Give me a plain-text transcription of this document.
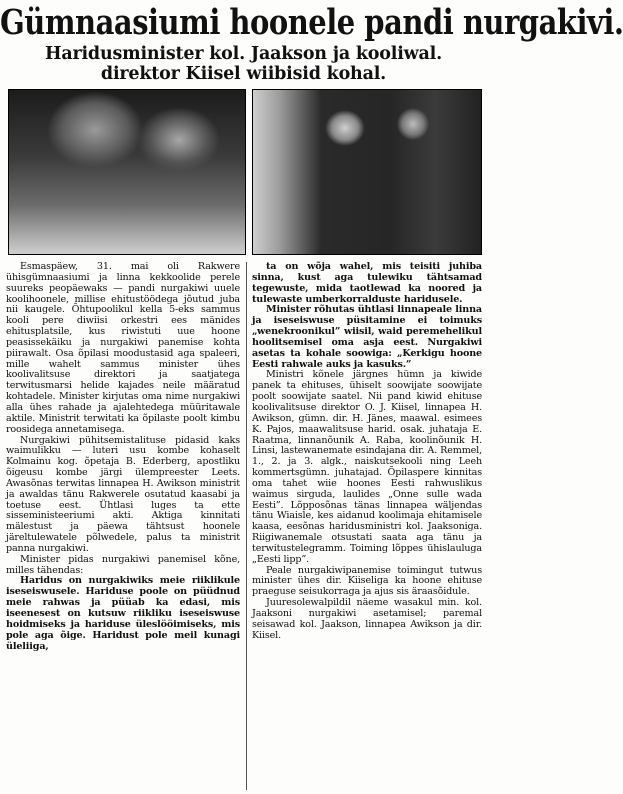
Gümnaasiumi hoonele pandi nurgakivi.
Haridusminister kol. Jaakson ja kooliwal. direktor Kiisel wiibisid kohal.

Esmaspäew, 31. mai oli Rakwere ühisgümnaasiumi ja linna kekkoolide perele suureks peopäewaks — pandi nurgakiwi uuele koolihoonele, millise ehitustöödega jõutud juba nii kaugele. Õhtupoolikul kella 5-eks sammus kooli pere diwiisi orkestri ees mänides ehitusplatsile, kus riwistuti uue hoone peasissekäiku ja nurgakiwi panemise kohta piirawalt. Osa õpilasi moodustasid aga spaleeri, mille wahelt sammus minister ühes koolivalitsuse direktori ja saatjatega terwitusmarsi helide kajades neile määratud kohtadele. Minister kirjutas oma nime nurgakiwi alla ühes rahade ja ajalehtedega müüritawale aktile. Ministrit terwitati ka õpilaste poolt kimbu roosidega annetamisega.

Nurgakiwi pühitsemistalituse pidasid kaks waimulikku — luteri usu kombe kohaselt Kolmainu kog. õpetaja B. Ederberg, apostliku õigeusu kombe järgi ülempreester Leets. Awasõnas terwitas linnapea H. Awikson ministrit ja awaldas tänu Rakwerele osutatud kaasabi ja toetuse eest. Ühtlasi luges ta ette sisseministeeriumi akti. Aktiga kinnitati mälestust ja päewa tähtsust hoonele järeltulewatele põlwedele, palus ta ministrit panna nurgakiwi.

Minister pidas nurgakiwi panemisel kõne, milles tähendas:

Haridus on nurgakiwiks meie riiklikule iseseiswusele. Hariduse poole on püüdnud meie rahwas ja püüab ka edasi, mis iseenesest on kutsuw riikliku iseseiswuse hoidmiseks ja hariduse üleslööimiseks, mis pole aga õige. Haridust pole meil kunagi üleliiga,

ta on wõja wahel, mis teisiti juhiba sinna, kust aga tulewiku tähtsamad tegewuste, mida taotlewad ka noored ja tulewaste umberkorralduste haridusele.

Minister rõhutas ühtlasi linnapeale linna ja iseseiswuse püsitamine ei toimuks „wenekroonikul” wiisil, waid peremehelikul hoolitsemisel oma asja eest. Nurgakiwi asetas ta kohale soowiga: „Kerkigu hoone Eesti rahwale auks ja kasuks.”

Ministri kõnele järgnes hümn ja kiwide panek ta ehituses, ühiselt soowijate soowijate poolt soowijate saatel. Nii pand kiwid ehituse koolivalitsuse direktor O. J. Kiisel, linnapea H. Awikson, gümn. dir. H. Jänes, maawal. esimees K. Pajos, maawalitsuse harid. osak. juhataja E. Raatma, linnanõunik A. Raba, koolinõunik H. Linsi, lastewanemate esindajana dir. A. Remmel, 1., 2. ja 3. algk., naiskutsekooli ning Leeh kommertsgümn. juhatajad. Õpilaspere kinnitas oma tahet wiie hoones Eesti rahwuslikus waimus sirguda, laulides „Onne sulle wada Eesti”. Lõpposõnas tänas linnapea wäljendas tänu Wiaisle, kes aidanud koolimaja ehitamisele kaasa, eesõnas haridusministri kol. Jaaksoniga. Riigiwanemale otsustati saata aga tänu ja terwitustelegramm. Toiming lõppes ühislauluga „Eesti lipp”.

Peale nurgakiwipanemise toimingut tutwus minister ühes dir. Kiiseliga ka hoone ehituse praeguse seisukorraga ja ajus sis äraasõidule.

Juuresolewalpildil näeme wasakul min. kol. Jaaksoni nurgakiwi asetamisel; paremal seisawad kol. Jaakson, linnapea Awikson ja dir. Kiisel.
